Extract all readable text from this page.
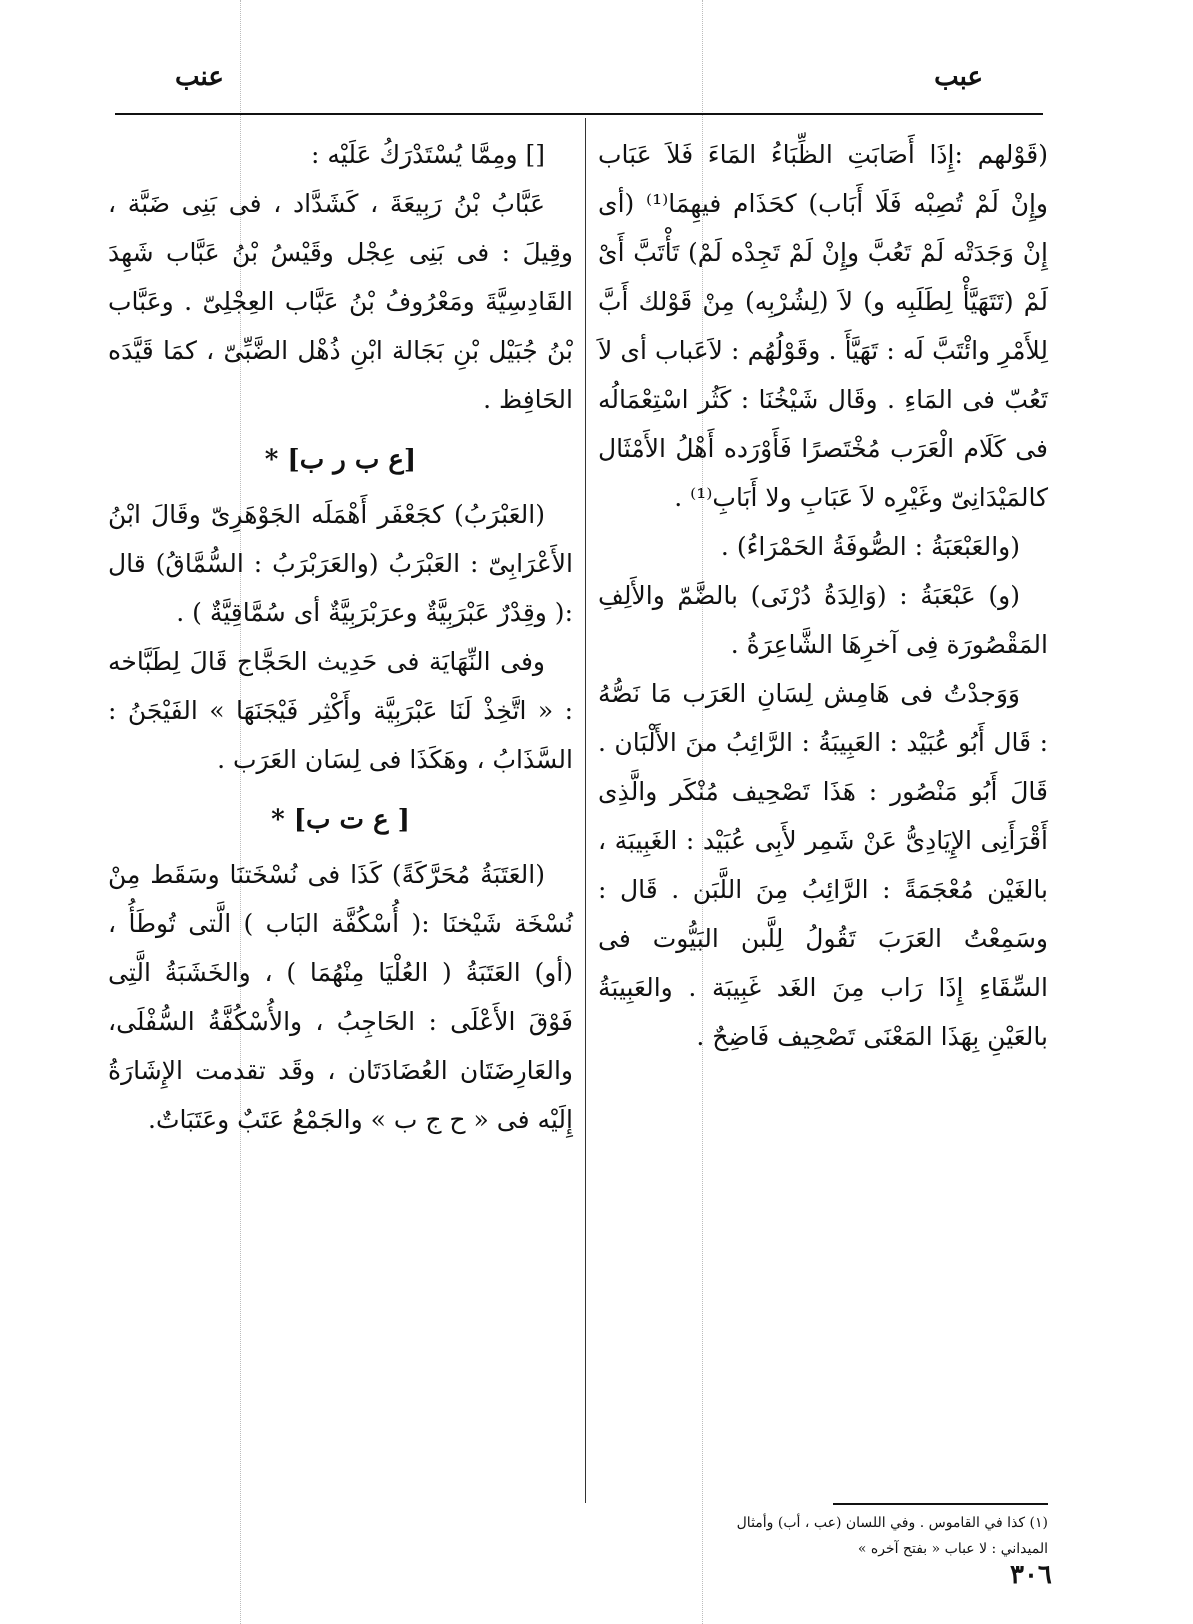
عبب
عنب

(قَوْلهم :إِذَا أَصَابَتِ الظِّبَاءُ المَاءَ فَلاَ عَبَاب وإِنْ لَمْ تُصِبْه فَلَا أَبَاب) كحَذَام فيهِمَا⁽¹⁾ (أى إِنْ وَجَدَتْه لَمْ تَعُبَّ وإِنْ لَمْ تَجِدْه لَمْ) تَأْتَبَّ أَىْ لَمْ (تَتَهَيَّأْ لِطَلَبِه و) لاَ (لِشُرْبِه) مِنْ قَوْلك أَبَّ لِلأَمْرِ وائْتَبَّ لَه : تَهَيَّأَ . وقَوْلُهُم : لاَعَباب أى لاَ تَعُبّ فى المَاءِ . وقَال شَيْخُنَا : كَثُر اسْتِعْمَالُه فى كَلَام الْعَرَب مُخْتَصرًا فَأَوْرَده أَهْلُ الأَمْثَال كالمَيْدَانِىّ وغَيْرِه لاَ عَبَابِ ولا أَبَابِ⁽¹⁾ .

(والعَبْعَبَةُ : الصُّوفَةُ الحَمْرَاءُ) .

(و) عَبْعَبَةُ : (وَالِدَةُ دُرْنَى) بالضَّمّ والأَلِفِ المَقْصُورَة فِى آخرِهَا الشَّاعِرَةُ .

وَوَجدْتُ فى هَامِش لِسَانِ العَرَب مَا نَصُّهُ : قَال أَبُو عُبَيْد : العَبِيبَةُ : الرَّائِبُ منَ الأَلْبَان . قَالَ أَبُو مَنْصُور : هَذَا تَصْحِيف مُنْكَر والَّذِى أَقْرَأَنِى الإِيَادِىُّ عَنْ شَمِر لأَبِى عُبَيْد : الغَبِيبَة ، بالغَيْن مُعْجَمَةً : الرَّائِبُ مِنَ اللَّبَن . قَال : وسَمِعْتُ العَرَبَ تَقُولُ لِلَّبن البَيُّوت فى السِّقَاءِ إِذَا رَاب مِنَ الغَد غَبِيبَة . والعَبِيبَةُ بالعَيْنِ بِهَذَا المَعْنَى تَصْحِيف فَاضِحٌ .

[] ومِمَّا يُسْتَدْرَكُ عَلَيْه :

عَبَّابُ بْنُ رَبِيعَةَ ، كَشَدَّاد ، فى بَنِى ضَبَّة ، وقِيلَ : فى بَنِى عِجْل وقَيْسُ بْنُ عَبَّاب شَهِدَ القَادِسِيَّةَ ومَعْرُوفُ بْنُ عَبَّاب العِجْلِىّ . وعَبَّاب بْنُ جُبَيْل بْنِ بَجَالة ابْنِ ذُهْل الضَّبِّىّ ، كمَا قَيَّدَه الحَافِظ .

[ع ب ر ب] *

(العَبْرَبُ) كجَعْفَر أَهْمَلَه الجَوْهَرِىّ وقَالَ ابْنُ الأَعْرَابِىّ : العَبْرَبُ (والعَرَبْرَبُ : السُّمَّاقُ) قال :( وقِدْرٌ عَبْرَبِيَّةٌ وعرَبْرَبِيَّةٌ أى سُمَّاقِيَّةٌ ) .

وفى النِّهَايَة فى حَدِيث الحَجَّاج قَالَ لِطَبَّاخه : « اتَّخِذْ لَنَا عَبْرَبِيَّة وأَكْثِر فَيْجَنَهَا » الفَيْجَنُ : السَّذَابُ ، وهَكَذَا فى لِسَان العَرَب .

[ ع ت ب] *

(العَتَبَةُ مُحَرَّكَةً) كَذَا فى نُسْخَتنَا وسَقَط مِنْ نُسْخَة شَيْخنَا :( أُسْكُفَّة البَاب ) الَّتى تُوطَأُ ، (أو) العَتَبَةُ ( العُلْيَا مِنْهُمَا ) ، والخَشَبَةُ الَّتِى فَوْقَ الأَعْلَى : الحَاجِبُ ، والأُسْكُفَّةُ السُّفْلَى، والعَارِضَتَان العُضَادَتَان ، وقَد تقدمت الإِشَارَةُ إِلَيْه فى « ح ج ب » والجَمْعُ عَتَبٌ وعَتَبَاتٌ.

(١) كذا في القاموس . وفي اللسان (عب ، أب) وأمثال الميداني : لا عباب « بفتح آخره »
٣٠٦
